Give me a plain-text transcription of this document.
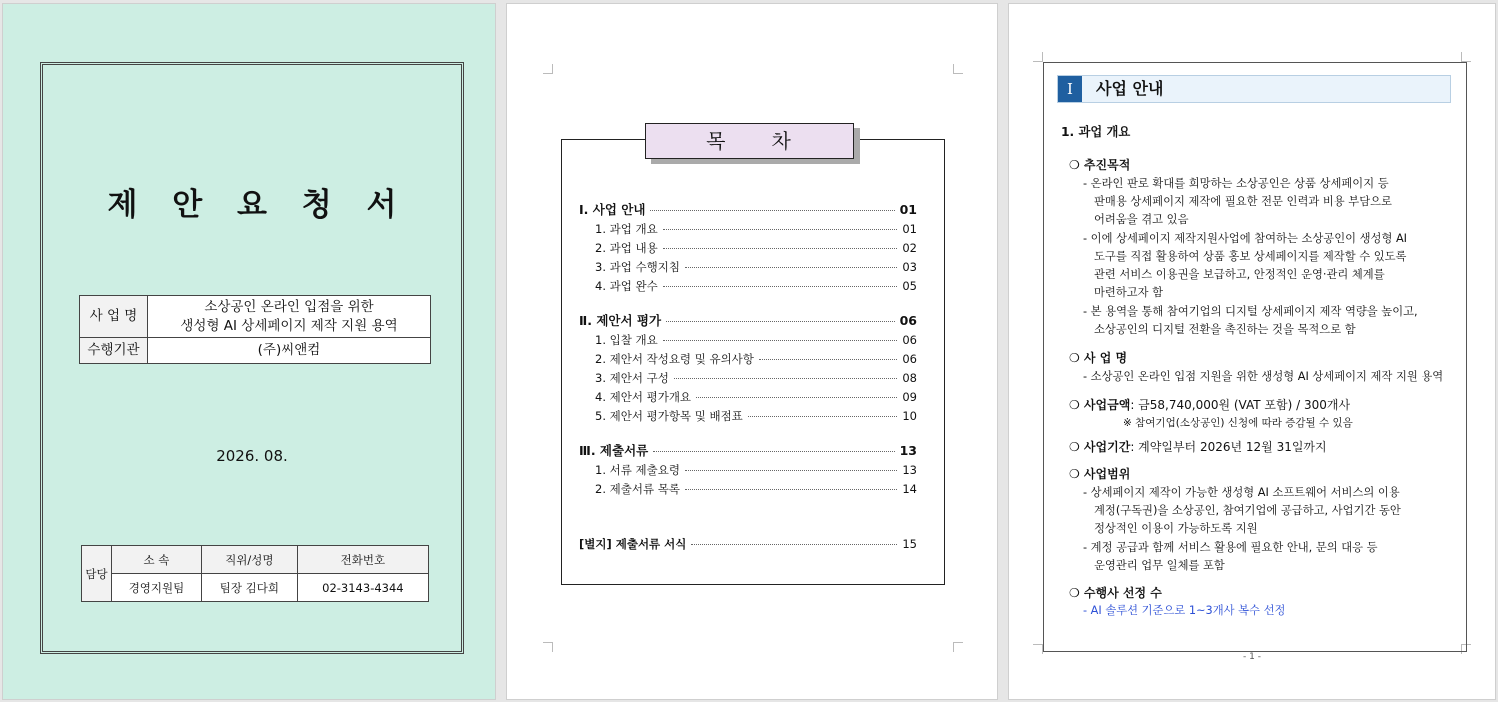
제 안 요 청 서
사 업 명	소상공인 온라인 입점을 위한
생성형 AI 상세페이지 제작 지원 용역

수행기관	(주)씨앤컴
2026. 08.
담당	소 속	직위/성명	전화번호
	경영지원팀	팀장 김다희	02-3143-4344
목 차
Ⅰ. 사업 안내	01
1. 과업 개요	01
2. 과업 내용	02
3. 과업 수행지침	03
4. 과업 완수	05
Ⅱ. 제안서 평가	06
1. 입찰 개요	06
2. 제안서 작성요령 및 유의사항	06
3. 제안서 구성	08
4. 제안서 평가개요	09
5. 제안서 평가항목 및 배점표	10
Ⅲ. 제출서류	13
1. 서류 제출요령	13
2. 제출서류 목록	14
[별지] 제출서류 서식	15
Ⅰ	사업 안내
1. 과업 개요
❍ 추진목적
- 온라인 판로 확대를 희망하는 소상공인은 상품 상세페이지 등
판매용 상세페이지 제작에 필요한 전문 인력과 비용 부담으로
어려움을 겪고 있음
- 이에 상세페이지 제작지원사업에 참여하는 소상공인이 생성형 AI
도구를 직접 활용하여 상품 홍보 상세페이지를 제작할 수 있도록
관련 서비스 이용권을 보급하고, 안정적인 운영·관리 체계를
마련하고자 함
- 본 용역을 통해 참여기업의 디지털 상세페이지 제작 역량을 높이고,
소상공인의 디지털 전환을 촉진하는 것을 목적으로 함
❍ 사 업 명
- 소상공인 온라인 입점 지원을 위한 생성형 AI 상세페이지 제작 지원 용역
❍ 사업금액: 금58,740,000원 (VAT 포함) / 300개사
※ 참여기업(소상공인) 신청에 따라 증감될 수 있음
❍ 사업기간: 계약일부터 2026년 12월 31일까지
❍ 사업범위
- 상세페이지 제작이 가능한 생성형 AI 소프트웨어 서비스의 이용
계정(구독권)을 소상공인, 참여기업에 공급하고, 사업기간 동안
정상적인 이용이 가능하도록 지원
- 계정 공급과 함께 서비스 활용에 필요한 안내, 문의 대응 등
운영관리 업무 일체를 포함
❍ 수행사 선정 수
- AI 솔루션 기준으로 1~3개사 복수 선정
- 1 -
